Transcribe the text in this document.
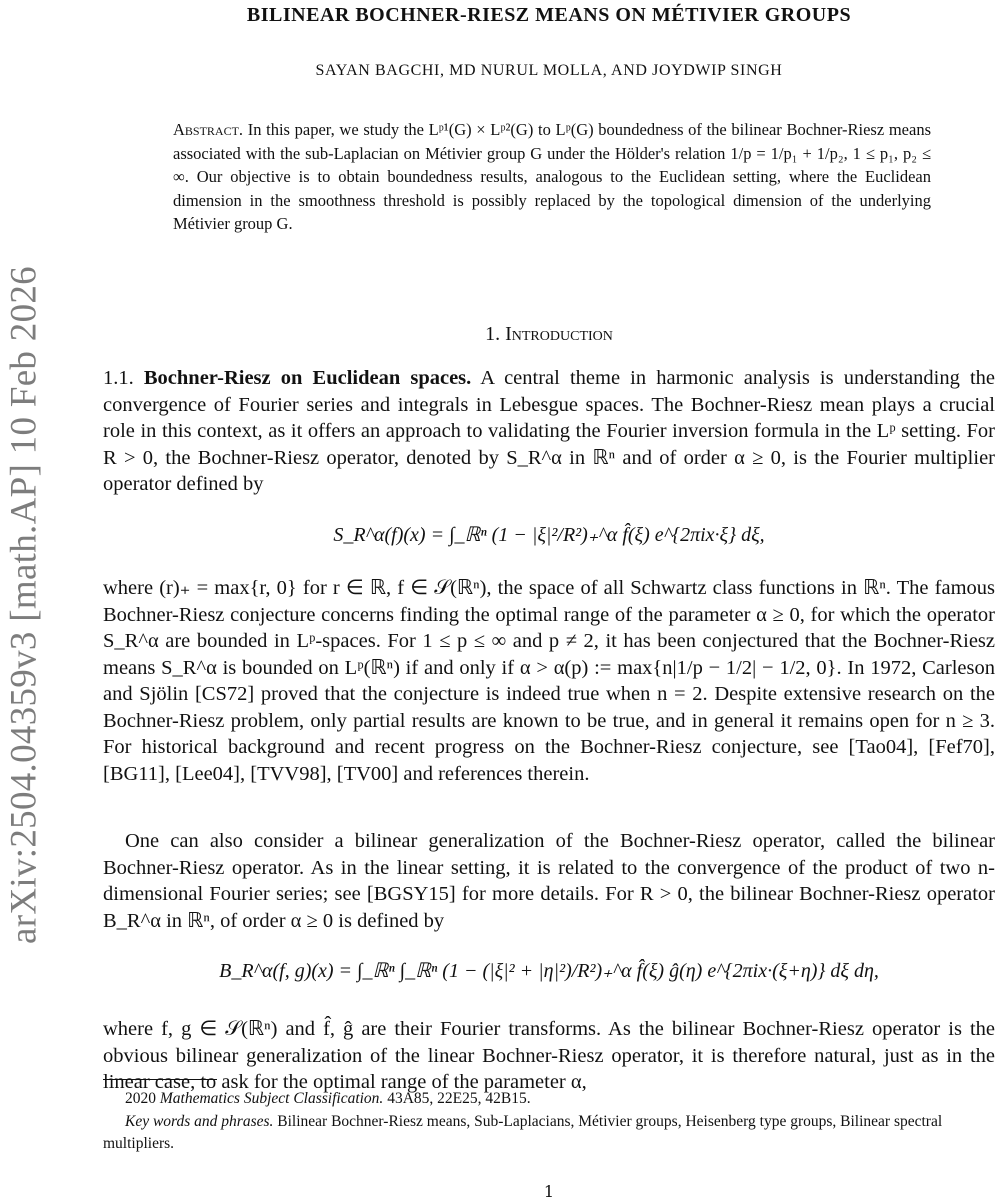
arXiv:2504.04359v3 [math.AP] 10 Feb 2026
BILINEAR BOCHNER-RIESZ MEANS ON MÉTIVIER GROUPS
SAYAN BAGCHI, MD NURUL MOLLA, AND JOYDWIP SINGH
Abstract. In this paper, we study the Lᵖ¹(G) × Lᵖ²(G) to Lᵖ(G) boundedness of the bilinear Bochner-Riesz means associated with the sub-Laplacian on Métivier group G under the Hölder's relation 1/p = 1/p₁ + 1/p₂, 1 ≤ p₁, p₂ ≤ ∞. Our objective is to obtain boundedness results, analogous to the Euclidean setting, where the Euclidean dimension in the smoothness threshold is possibly replaced by the topological dimension of the underlying Métivier group G.
1. Introduction
1.1. Bochner-Riesz on Euclidean spaces. A central theme in harmonic analysis is understanding the convergence of Fourier series and integrals in Lebesgue spaces. The Bochner-Riesz mean plays a crucial role in this context, as it offers an approach to validating the Fourier inversion formula in the Lᵖ setting. For R > 0, the Bochner-Riesz operator, denoted by S_R^α in ℝⁿ and of order α ≥ 0, is the Fourier multiplier operator defined by
S_R^α(f)(x) = ∫_ℝⁿ (1 − |ξ|²/R²)₊^α f̂(ξ) e^{2πix·ξ} dξ,
where (r)₊ = max{r, 0} for r ∈ ℝ, f ∈ 𝒮(ℝⁿ), the space of all Schwartz class functions in ℝⁿ. The famous Bochner-Riesz conjecture concerns finding the optimal range of the parameter α ≥ 0, for which the operator S_R^α are bounded in Lᵖ-spaces. For 1 ≤ p ≤ ∞ and p ≠ 2, it has been conjectured that the Bochner-Riesz means S_R^α is bounded on Lᵖ(ℝⁿ) if and only if α > α(p) := max{n|1/p − 1/2| − 1/2, 0}. In 1972, Carleson and Sjölin [CS72] proved that the conjecture is indeed true when n = 2. Despite extensive research on the Bochner-Riesz problem, only partial results are known to be true, and in general it remains open for n ≥ 3. For historical background and recent progress on the Bochner-Riesz conjecture, see [Tao04], [Fef70], [BG11], [Lee04], [TVV98], [TV00] and references therein.
One can also consider a bilinear generalization of the Bochner-Riesz operator, called the bilinear Bochner-Riesz operator. As in the linear setting, it is related to the convergence of the product of two n-dimensional Fourier series; see [BGSY15] for more details. For R > 0, the bilinear Bochner-Riesz operator B_R^α in ℝⁿ, of order α ≥ 0 is defined by
B_R^α(f, g)(x) = ∫_ℝⁿ ∫_ℝⁿ (1 − (|ξ|² + |η|²)/R²)₊^α f̂(ξ) ĝ(η) e^{2πix·(ξ+η)} dξ dη,
where f, g ∈ 𝒮(ℝⁿ) and f̂, ĝ are their Fourier transforms. As the bilinear Bochner-Riesz operator is the obvious bilinear generalization of the linear Bochner-Riesz operator, it is therefore natural, just as in the linear case, to ask for the optimal range of the parameter α,
2020 Mathematics Subject Classification. 43A85, 22E25, 42B15.
Key words and phrases. Bilinear Bochner-Riesz means, Sub-Laplacians, Métivier groups, Heisenberg type groups, Bilinear spectral multipliers.
1
